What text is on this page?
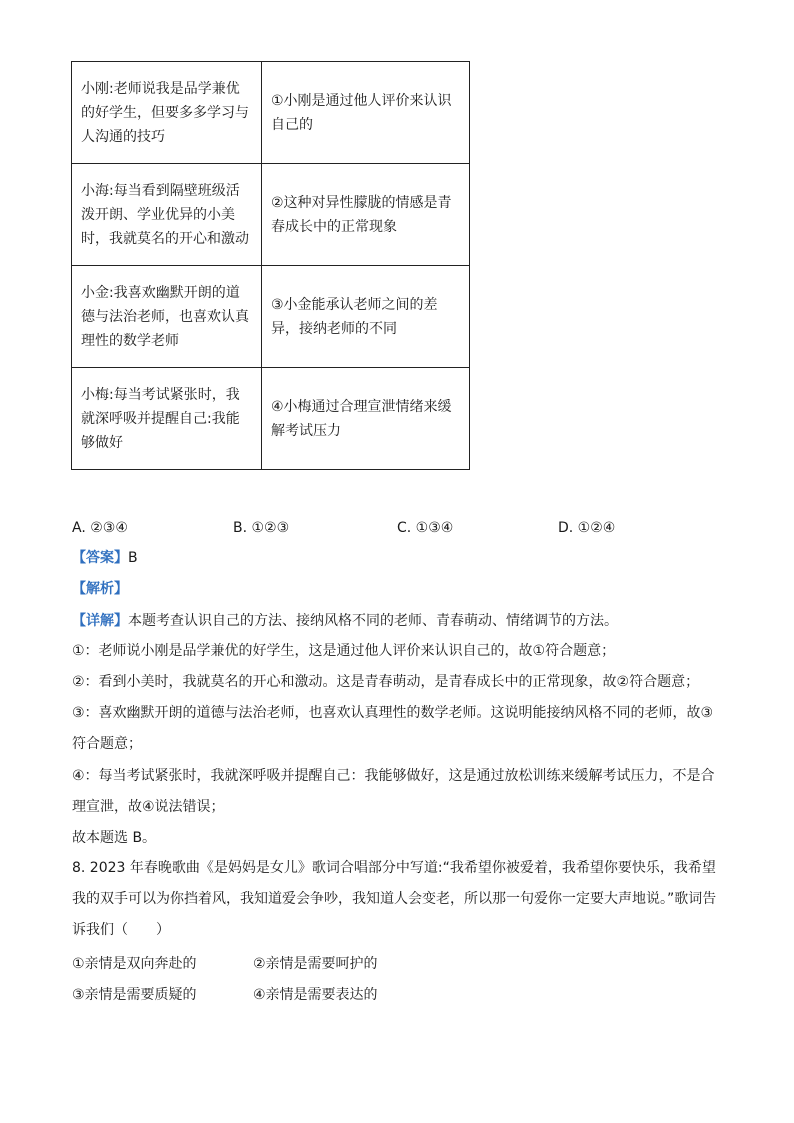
小刚:老师说我是品学兼优的好学生，但要多多学习与人沟通的技巧	①小刚是通过他人评价来认识自己的
小海:每当看到隔壁班级活泼开朗、学业优异的小美时，我就莫名的开心和激动	②这种对异性朦胧的情感是青春成长中的正常现象
小金:我喜欢幽默开朗的道德与法治老师，也喜欢认真理性的数学老师	③小金能承认老师之间的差异，接纳老师的不同
小梅:每当考试紧张时，我就深呼吸并提醒自己:我能够做好	④小梅通过合理宣泄情绪来缓解考试压力
A. ②③④	B. ①②③	C. ①③④	D. ①②④
【答案】B
【解析】
【详解】本题考查认识自己的方法、接纳风格不同的老师、青春萌动、情绪调节的方法。
①：老师说小刚是品学兼优的好学生，这是通过他人评价来认识自己的，故①符合题意；
②：看到小美时，我就莫名的开心和激动。这是青春萌动，是青春成长中的正常现象，故②符合题意；
③：喜欢幽默开朗的道德与法治老师，也喜欢认真理性的数学老师。这说明能接纳风格不同的老师，故③符合题意；
④：每当考试紧张时，我就深呼吸并提醒自己：我能够做好，这是通过放松训练来缓解考试压力，不是合理宣泄，故④说法错误；
故本题选 B。
8. 2023 年春晚歌曲《是妈妈是女儿》歌词合唱部分中写道:“我希望你被爱着，我希望你要快乐，我希望我的双手可以为你挡着风，我知道爱会争吵，我知道人会变老，所以那一句爱你一定要大声地说。”歌词告诉我们（　　）
①亲情是双向奔赴的	②亲情是需要呵护的
③亲情是需要质疑的	④亲情是需要表达的
